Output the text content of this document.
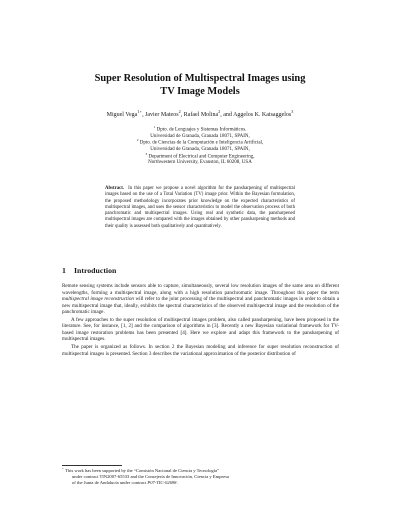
Super Resolution of Multispectral Images using
TV Image Models
Miguel Vega$^{1⋆}$, Javier Mateos$^2$, Rafael Molina$^2$, and Aggelos K. Katsaggelos$^3$
$^1$ Dpto. de Lenguajes y Sistemas Informáticos.
Universidad de Granada, Granada 18071, SPAIN,
$^2$ Dpto. de Ciencias de la Computación e Inteligencia Artificial,
Universidad de Granada, Granada 18071, SPAIN,
$^3$ Department of Electrical and Computer Engineering,
Northwestern University, Evanston, IL 60208, USA
Abstract. In this paper we propose a novel algorithm for the pansharpening of multispectral images based on the use of a Total Variation (TV) image prior. Within the Bayesian formulation, the proposed methodology incorporates prior knowledge on the expected characteristics of multispectral images, and uses the sensor characteristics to model the observation process of both panchromatic and multispectral images. Using real and synthetic data, the pansharpened multispectral images are compared with the images obtained by other pansharpening methods and their quality is assessed both qualitatively and quantitatively.
1 Introduction

Remote sensing systems include sensors able to capture, simultaneously, several low resolution images of the same area on different wavelengths, forming a multispectral image, along with a high resolution panchromatic image. Throughout this paper the term multispectral image reconstruction will refer to the joint processing of the multispectral and panchromatic images in order to obtain a new multispectral image that, ideally, exhibits the spectral characteristics of the observed multispectral image and the resolution of the panchromatic image.

A few approaches to the super resolution of multispectral images problem, also called pansharpening, have been proposed in the literature. See, for instance, [1, 2] and the comparison of algorithms in [3]. Recently a new Bayesian variational framework for TV-based image restoration problems has been presented [4]. Here we explore and adapt this framework to the pansharpening of multispectral images.

The paper is organized as follows. In section 2 the Bayesian modeling and inference for super resolution reconstruction of multispectral images is presented. Section 3 describes the variational approximation of the posterior distribution of

⋆ This work has been supported by the “Comisión Nacional de Ciencia y Tecnología”
under contract TIN2007-65533 and the Consejería de Innovación, Ciencia y Empresa
of the Junta de Andalucía under contract P07-TIC-02698.
